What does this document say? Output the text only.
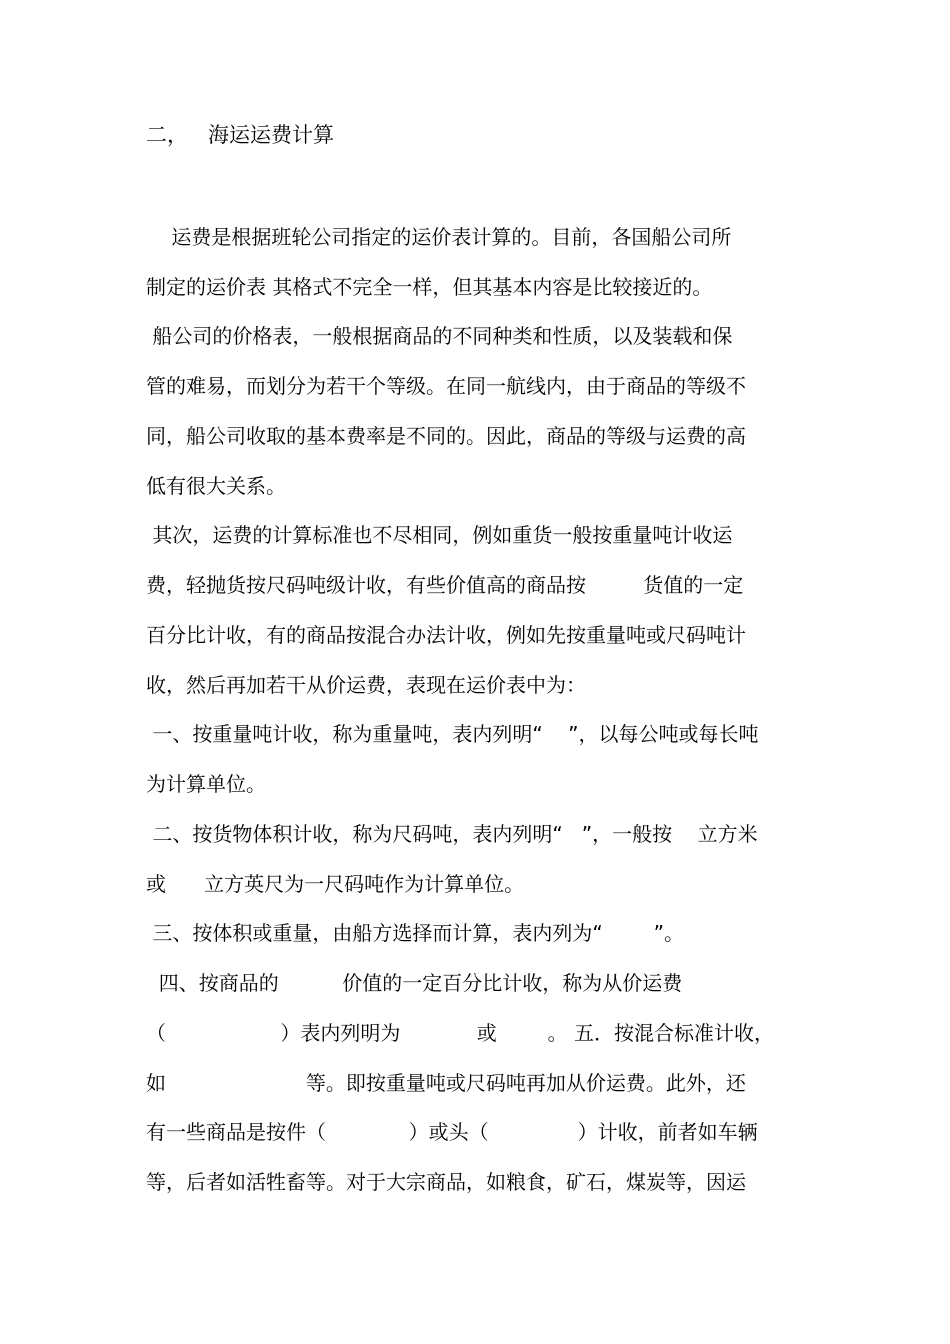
二，   海运运费计算
运费是根据班轮公司指定的运价表计算的。目前，各国船公司所
制定的运价表 其格式不完全一样，但其基本内容是比较接近的。
船公司的价格表，一般根据商品的不同种类和性质，以及装载和保
管的难易，而划分为若干个等级。在同一航线内，由于商品的等级不
同，船公司收取的基本费率是不同的。因此，商品的等级与运费的高
低有很大关系。
其次，运费的计算标准也不尽相同，例如重货一般按重量吨计收运
费，轻抛货按尺码吨级计收，有些价值高的商品按         货值的一定
百分比计收，有的商品按混合办法计收，例如先按重量吨或尺码吨计
收，然后再加若干从价运费，表现在运价表中为：
一、按重量吨计收，称为重量吨，表内列明“    ”，以每公吨或每长吨
为计算单位。
二、按货物体积计收，称为尺码吨，表内列明“   ”，一般按    立方米
或      立方英尺为一尺码吨作为计算单位。
三、按体积或重量，由船方选择而计算，表内列为“        ”。
四、按商品的          价值的一定百分比计收，称为从价运费
（                  ）表内列明为            或        。 五．按混合标准计收，
如                      等。即按重量吨或尺码吨再加从价运费。此外，还
有一些商品是按件（             ）或头（              ）计收，前者如车辆
等，后者如活牲畜等。对于大宗商品，如粮食，矿石，煤炭等，因运
